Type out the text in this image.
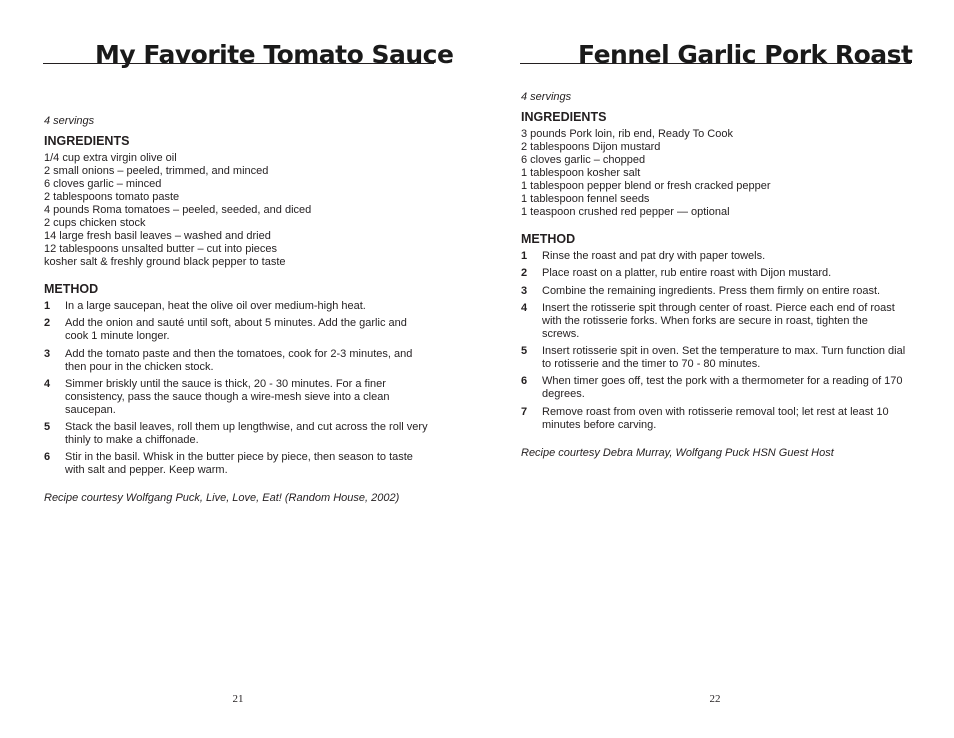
My Favorite Tomato Sauce
4 servings
INGREDIENTS
1/4 cup extra virgin olive oil
2 small onions – peeled, trimmed, and minced
6 cloves garlic – minced
2 tablespoons tomato paste
4 pounds Roma tomatoes – peeled, seeded, and diced
2 cups chicken stock
14 large fresh basil leaves – washed and dried
12 tablespoons unsalted butter – cut into pieces
kosher salt & freshly ground black pepper to taste
METHOD
1	In a large saucepan, heat the olive oil over medium-high heat.
2	Add the onion and sauté until soft, about 5 minutes. Add the garlic and cook 1 minute longer.
3	Add the tomato paste and then the tomatoes, cook for 2-3 minutes, and then pour in the chicken stock.
4	Simmer briskly until the sauce is thick, 20 - 30 minutes. For a finer consistency, pass the sauce though a wire-mesh sieve into a clean saucepan.
5	Stack the basil leaves, roll them up lengthwise, and cut across the roll very thinly to make a chiffonade.
6	Stir in the basil. Whisk in the butter piece by piece, then season to taste with salt and pepper. Keep warm.
Recipe courtesy Wolfgang Puck, Live, Love, Eat! (Random House, 2002)
21
Fennel Garlic Pork Roast
4 servings
INGREDIENTS
3 pounds Pork loin, rib end, Ready To Cook
2 tablespoons Dijon mustard
6 cloves garlic – chopped
1 tablespoon kosher salt
1 tablespoon pepper blend or fresh cracked pepper
1 tablespoon fennel seeds
1 teaspoon crushed red pepper — optional
METHOD
1	Rinse the roast and pat dry with paper towels.
2	Place roast on a platter, rub entire roast with Dijon mustard.
3	Combine the remaining ingredients. Press them firmly on entire roast.
4	Insert the rotisserie spit through center of roast. Pierce each end of roast with the rotisserie forks. When forks are secure in roast, tighten the screws.
5	Insert rotisserie spit in oven. Set the temperature to max. Turn function dial to rotisserie and the timer to 70 - 80 minutes.
6	When timer goes off, test the pork with a thermometer for a reading of 170 degrees.
7	Remove roast from oven with rotisserie removal tool; let rest at least 10 minutes before carving.
Recipe courtesy Debra Murray, Wolfgang Puck HSN Guest Host
22
